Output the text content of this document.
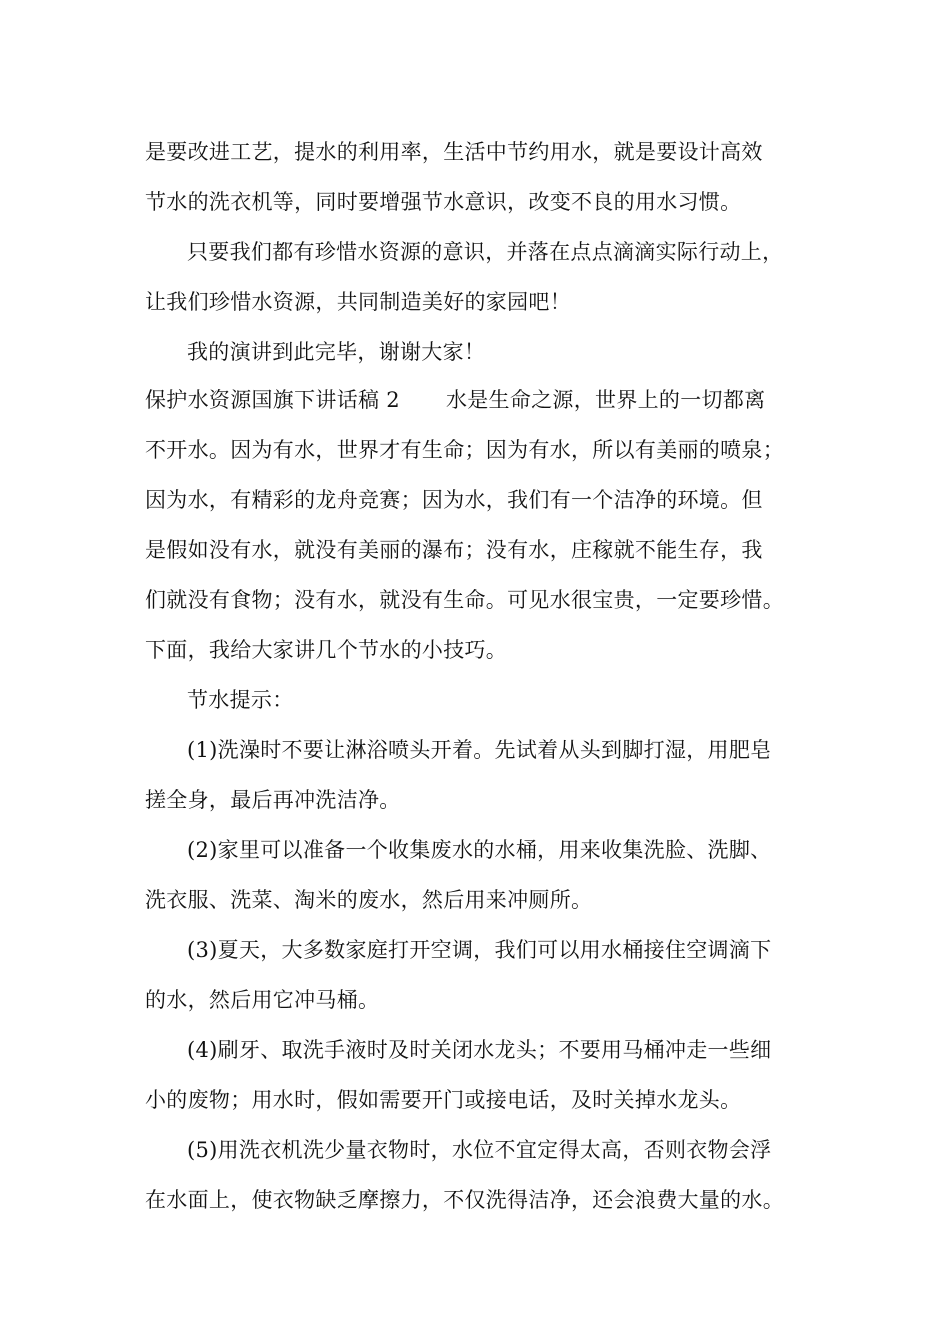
是要改进工艺，提水的利用率，生活中节约用水，就是要设计高效
节水的洗衣机等，同时要增强节水意识，改变不良的用水习惯。
只要我们都有珍惜水资源的意识，并落在点点滴滴实际行动上，
让我们珍惜水资源，共同制造美好的家园吧！
我的演讲到此完毕，谢谢大家！
保护水资源国旗下讲话稿 2 水是生命之源，世界上的一切都离
不开水。因为有水，世界才有生命；因为有水，所以有美丽的喷泉；
因为水，有精彩的龙舟竞赛；因为水，我们有一个洁净的环境。但
是假如没有水，就没有美丽的瀑布；没有水，庄稼就不能生存，我
们就没有食物；没有水，就没有生命。可见水很宝贵，一定要珍惜。
下面，我给大家讲几个节水的小技巧。
节水提示：
(1)洗澡时不要让淋浴喷头开着。先试着从头到脚打湿，用肥皂
搓全身，最后再冲洗洁净。
(2)家里可以准备一个收集废水的水桶，用来收集洗脸、洗脚、
洗衣服、洗菜、淘米的废水，然后用来冲厕所。
(3)夏天，大多数家庭打开空调，我们可以用水桶接住空调滴下
的水，然后用它冲马桶。
(4)刷牙、取洗手液时及时关闭水龙头；不要用马桶冲走一些细
小的废物；用水时，假如需要开门或接电话，及时关掉水龙头。
(5)用洗衣机洗少量衣物时，水位不宜定得太高，否则衣物会浮
在水面上，使衣物缺乏摩擦力，不仅洗得洁净，还会浪费大量的水。
